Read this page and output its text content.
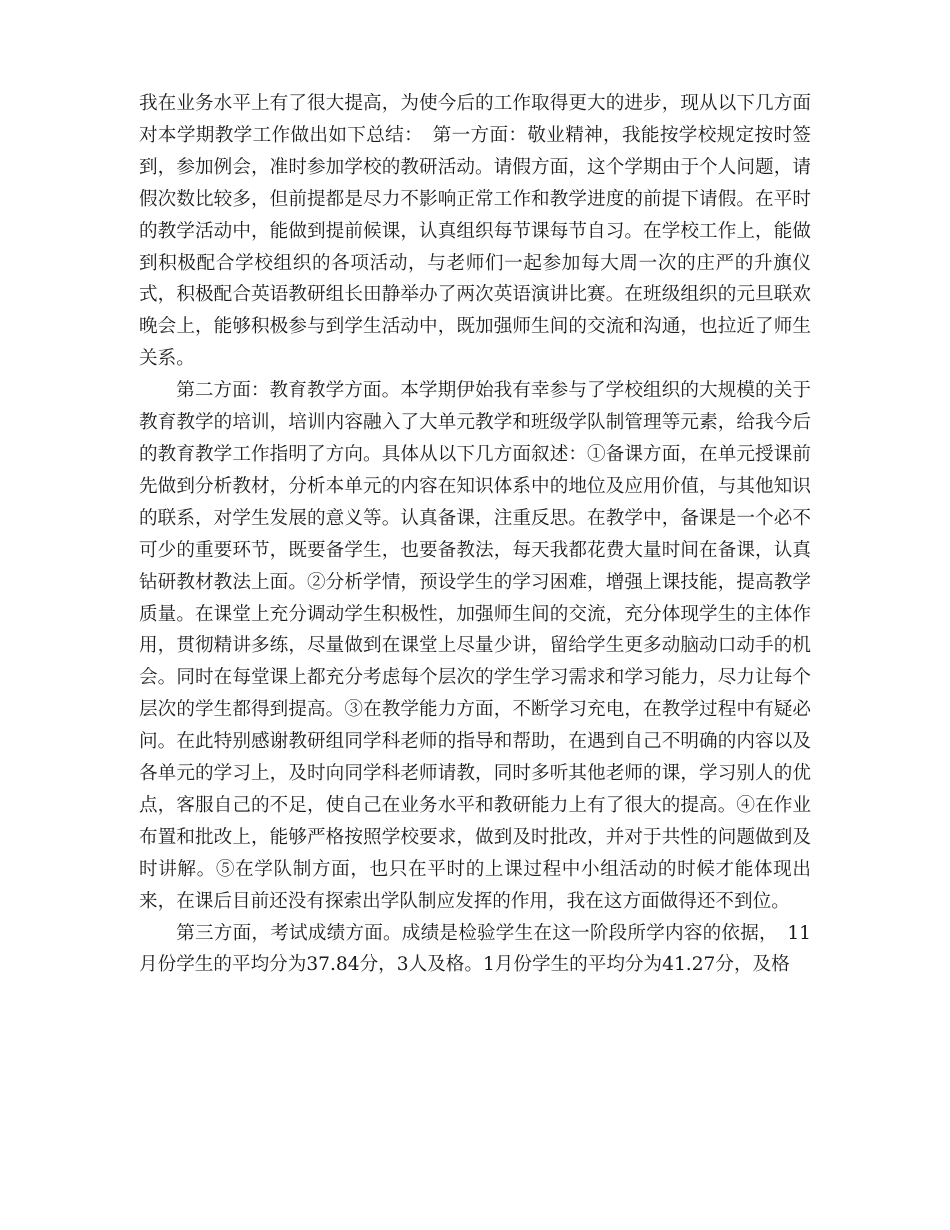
我在业务水平上有了很大提高，为使今后的工作取得更大的进步，现从以下几方面对本学期教学工作做出如下总结：　第一方面：敬业精神，我能按学校规定按时签到，参加例会，准时参加学校的教研活动。请假方面，这个学期由于个人问题，请假次数比较多，但前提都是尽力不影响正常工作和教学进度的前提下请假。在平时的教学活动中，能做到提前候课，认真组织每节课每节自习。在学校工作上，能做到积极配合学校组织的各项活动，与老师们一起参加每大周一次的庄严的升旗仪式，积极配合英语教研组长田静举办了两次英语演讲比赛。在班级组织的元旦联欢晚会上，能够积极参与到学生活动中，既加强师生间的交流和沟通，也拉近了师生关系。

第二方面：教育教学方面。本学期伊始我有幸参与了学校组织的大规模的关于教育教学的培训，培训内容融入了大单元教学和班级学队制管理等元素，给我今后的教育教学工作指明了方向。具体从以下几方面叙述：①备课方面，在单元授课前先做到分析教材，分析本单元的内容在知识体系中的地位及应用价值，与其他知识的联系，对学生发展的意义等。认真备课，注重反思。在教学中，备课是一个必不可少的重要环节，既要备学生，也要备教法，每天我都花费大量时间在备课，认真钻研教材教法上面。②分析学情，预设学生的学习困难，增强上课技能，提高教学质量。在课堂上充分调动学生积极性，加强师生间的交流，充分体现学生的主体作用，贯彻精讲多练，尽量做到在课堂上尽量少讲，留给学生更多动脑动口动手的机会。同时在每堂课上都充分考虑每个层次的学生学习需求和学习能力，尽力让每个层次的学生都得到提高。③在教学能力方面，不断学习充电，在教学过程中有疑必问。在此特别感谢教研组同学科老师的指导和帮助，在遇到自己不明确的内容以及各单元的学习上，及时向同学科老师请教，同时多听其他老师的课，学习别人的优点，客服自己的不足，使自己在业务水平和教研能力上有了很大的提高。④在作业布置和批改上，能够严格按照学校要求，做到及时批改，并对于共性的问题做到及时讲解。⑤在学队制方面，也只在平时的上课过程中小组活动的时候才能体现出来，在课后目前还没有探索出学队制应发挥的作用，我在这方面做得还不到位。

第三方面，考试成绩方面。成绩是检验学生在这一阶段所学内容的依据，　11月份学生的平均分为37.84分，3人及格。1月份学生的平均分为41.27分，及格
